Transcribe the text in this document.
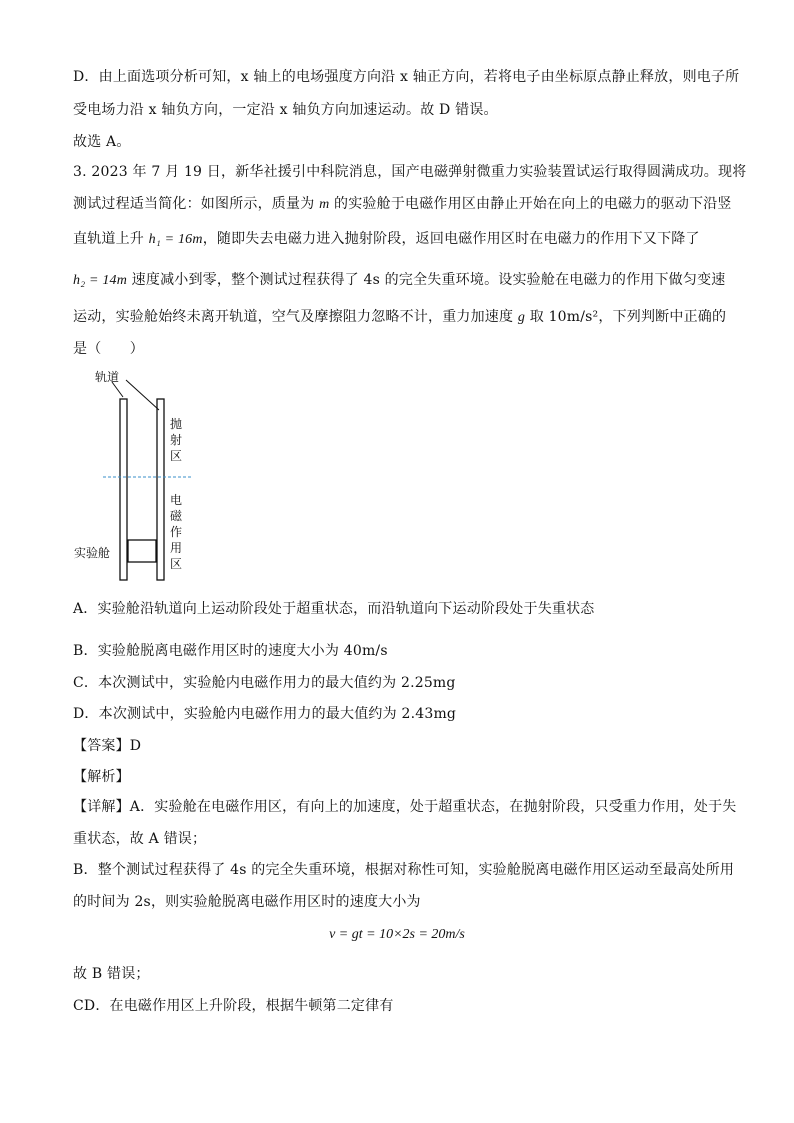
D．由上面选项分析可知，x 轴上的电场强度方向沿 x 轴正方向，若将电子由坐标原点静止释放，则电子所
受电场力沿 x 轴负方向，一定沿 x 轴负方向加速运动。故 D 错误。
故选 A。
3. 2023 年 7 月 19 日，新华社援引中科院消息，国产电磁弹射微重力实验装置试运行取得圆满成功。现将
测试过程适当简化：如图所示，质量为 m 的实验舱于电磁作用区由静止开始在向上的电磁力的驱动下沿竖
直轨道上升 h₁ = 16m，随即失去电磁力进入抛射阶段，返回电磁作用区时在电磁力的作用下又下降了
h₂ = 14m 速度减小到零，整个测试过程获得了 4s 的完全失重环境。设实验舱在电磁力的作用下做匀变速
运动，实验舱始终未离开轨道，空气及摩擦阻力忽略不计，重力加速度 g 取 10m/s²，下列判断中正确的
是（　　）
轨道
实验舱
抛射区
电磁作用区
A．实验舱沿轨道向上运动阶段处于超重状态，而沿轨道向下运动阶段处于失重状态
B．实验舱脱离电磁作用区时的速度大小为 40m/s
C．本次测试中，实验舱内电磁作用力的最大值约为 2.25mg
D．本次测试中，实验舱内电磁作用力的最大值约为 2.43mg
【答案】D
【解析】
【详解】A．实验舱在电磁作用区，有向上的加速度，处于超重状态，在抛射阶段，只受重力作用，处于失
重状态，故 A 错误；
B．整个测试过程获得了 4s 的完全失重环境，根据对称性可知，实验舱脱离电磁作用区运动至最高处所用
的时间为 2s，则实验舱脱离电磁作用区时的速度大小为
v = gt = 10×2s = 20m/s
故 B 错误；
CD．在电磁作用区上升阶段，根据牛顿第二定律有
